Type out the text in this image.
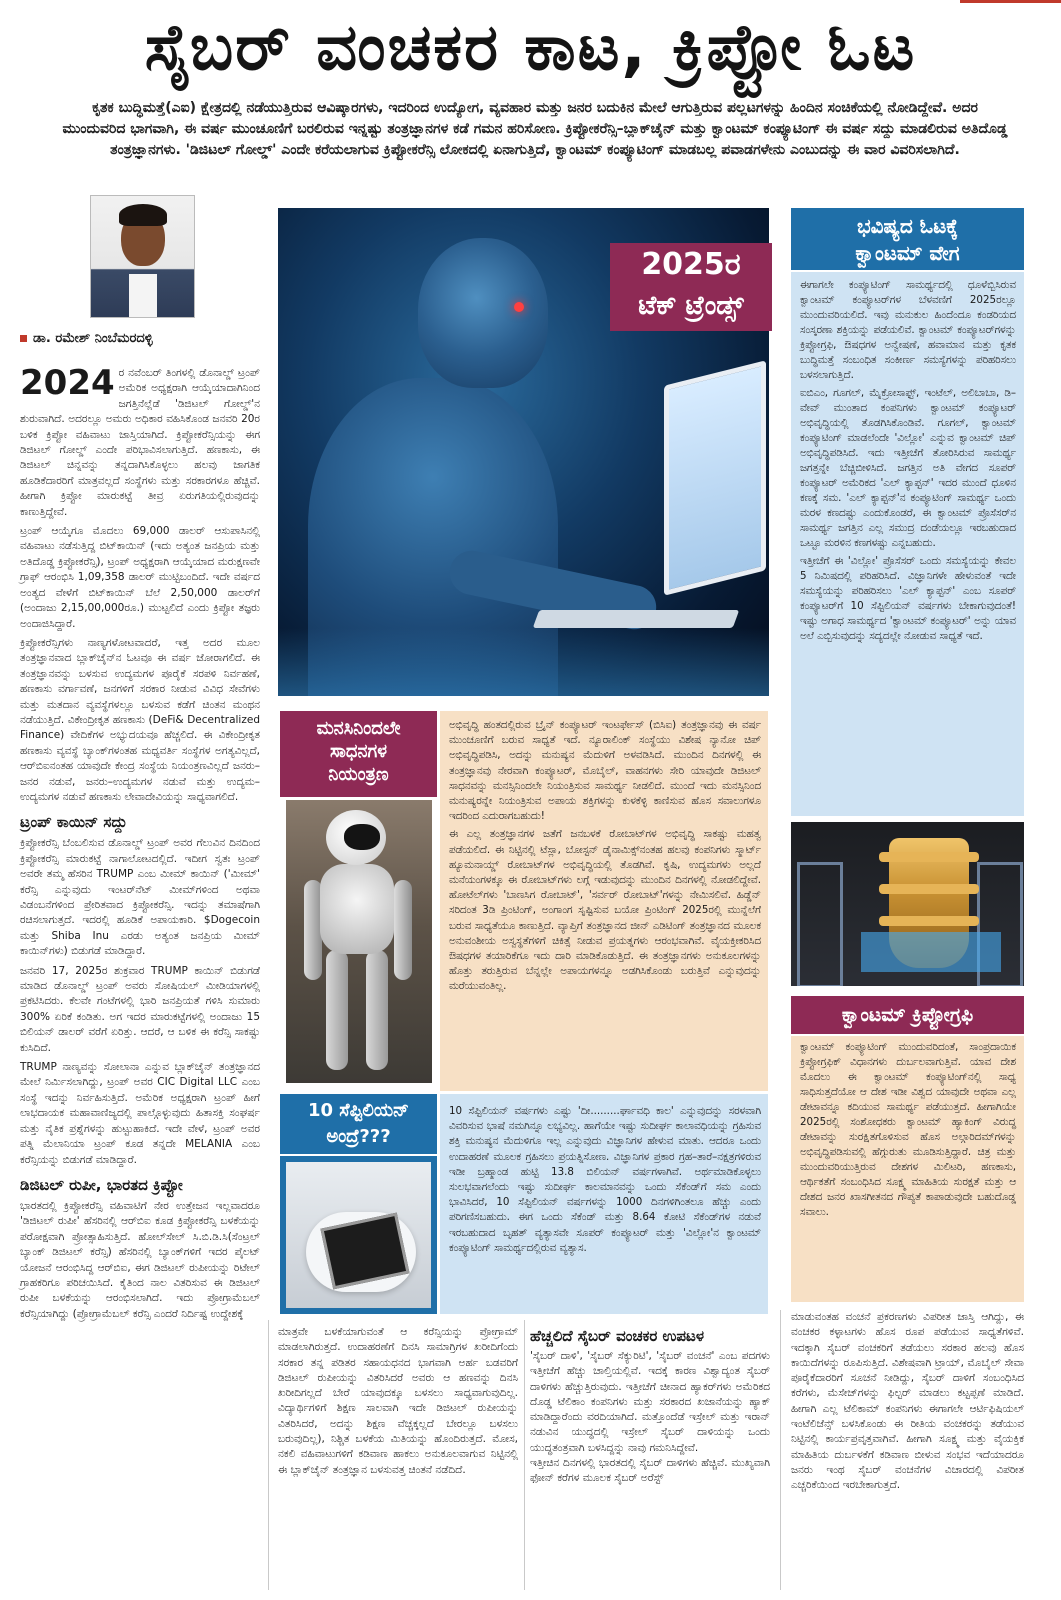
ಸೈಬರ್ ವಂಚಕರ ಕಾಟ, ಕ್ರಿಪ್ಟೋ ಓಟ
ಕೃತಕ ಬುದ್ಧಿಮತ್ತೆ(ಎಐ) ಕ್ಷೇತ್ರದಲ್ಲಿ ನಡೆಯುತ್ತಿರುವ ಆವಿಷ್ಕಾರಗಳು, ಇದರಿಂದ ಉದ್ಯೋಗ, ವ್ಯವಹಾರ ಮತ್ತು ಜನರ ಬದುಕಿನ ಮೇಲೆ ಆಗುತ್ತಿರುವ ಪಲ್ಲಟಗಳನ್ನು ಹಿಂದಿನ ಸಂಚಿಕೆಯಲ್ಲಿ ನೋಡಿದ್ದೇವೆ. ಅದರ ಮುಂದುವರಿದ ಭಾಗವಾಗಿ, ಈ ವರ್ಷ ಮುಂಚೂಣಿಗೆ ಬರಲಿರುವ ಇನ್ನಷ್ಟು ತಂತ್ರಜ್ಞಾನಗಳ ಕಡೆ ಗಮನ ಹರಿಸೋಣ. ಕ್ರಿಪ್ಟೋಕರೆನ್ಸಿ–ಬ್ಲಾಕ್‌ಚೈನ್ ಮತ್ತು ಕ್ವಾಂಟಮ್ ಕಂಪ್ಯೂಟಿಂಗ್ ಈ ವರ್ಷ ಸದ್ದು ಮಾಡಲಿರುವ ಅತಿದೊಡ್ಡ ತಂತ್ರಜ್ಞಾನಗಳು. 'ಡಿಜಿಟಲ್ ಗೋಲ್ಡ್' ಎಂದೇ ಕರೆಯಲಾಗುವ ಕ್ರಿಪ್ಟೋಕರೆನ್ಸಿ ಲೋಕದಲ್ಲಿ ಏನಾಗುತ್ತಿದೆ, ಕ್ವಾಂಟಮ್ ಕಂಪ್ಯೂಟಿಂಗ್ ಮಾಡಬಲ್ಲ ಪವಾಡಗಳೇನು ಎಂಬುದನ್ನು ಈ ವಾರ ವಿವರಿಸಲಾಗಿದೆ.
ಡಾ. ರಮೇಶ್ ನಿಂಬೆಮರದಳ್ಳಿ

2024 ರ ನವೆಂಬರ್ ತಿಂಗಳಲ್ಲಿ ಡೊನಾಲ್ಡ್ ಟ್ರಂಪ್ ಅಮೆರಿಕ ಅಧ್ಯಕ್ಷರಾಗಿ ಆಯ್ಕೆಯಾದಾಗಿನಿಂದ ಜಗತ್ತಿನೆಲ್ಲೆಡೆ 'ಡಿಜಿಟಲ್ ಗೋಲ್ಡ್'ನ ಶುರುವಾಗಿದೆ. ಅದರಲ್ಲೂ ಅಮರು ಅಧಿಕಾರ ವಹಿಸಿಕೊಂಡ ಜನವರಿ 20ರ ಬಳಿಕ ಕ್ರಿಪ್ಟೋ ವಹಿವಾಟು ಜಾಸ್ತಿಯಾಗಿದೆ. ಕ್ರಿಪ್ಟೋಕರೆನ್ಸಿಯನ್ನು ಈಗ ಡಿಜಿಟಲ್ ಗೋಲ್ಡ್ ಎಂದೇ ಪರಿಭಾವಿಸಲಾಗುತ್ತಿದೆ. ಹಣಕಾಸು, ಈ ಡಿಜಿಟಲ್ ಚಿನ್ನವನ್ನು ತನ್ನದಾಗಿಸಿಕೊಳ್ಳಲು ಹಲವು ಜಾಗತಿಕ ಹೂಡಿಕೆದಾರರಿಗೆ ಮಾತ್ರವಲ್ಲದೆ ಸಂಸ್ಥೆಗಳು ಮತ್ತು ಸರಕಾರಗಳೂ ಹೆಚ್ಚಿವೆ. ಹೀಗಾಗಿ ಕ್ರಿಪ್ಟೋ ಮಾರುಕಟ್ಟೆ ತೀವ್ರ ಏರುಗತಿಯಲ್ಲಿರುವುದನ್ನು ಕಾಣುತ್ತಿದ್ದೇವೆ.

ಟ್ರಂಪ್ ಆಯ್ಕೆಗೂ ಮೊದಲು 69,000 ಡಾಲರ್ ಆಸುಪಾಸಿನಲ್ಲಿ ವಹಿವಾಟು ನಡೆಸುತ್ತಿದ್ದ ಬಿಟ್‌ಕಾಯಿನ್ (ಇದು ಅತ್ಯಂತ ಜನಪ್ರಿಯ ಮತ್ತು ಅತಿದೊಡ್ಡ ಕ್ರಿಪ್ಟೋಕರೆನ್ಸಿ), ಟ್ರಂಪ್ ಅಧ್ಯಕ್ಷರಾಗಿ ಆಯ್ಕೆಯಾದ ಮರುಕ್ಷಣವೇ ಗ್ರಾಫ್ ಆರಂಭಿಸಿ 1,09,358 ಡಾಲರ್ ಮುಟ್ಟಿಬಂದಿದೆ. ಇದೇ ವರ್ಷದ ಅಂತ್ಯದ ವೇಳೆಗೆ ಬಿಟ್‌ಕಾಯಿನ್ ಬೆಲೆ 2,50,000 ಡಾಲರ್‌ಗೆ (ಅಂದಾಜು 2,15,00,000ರೂ.) ಮುಟ್ಟಲಿದೆ ಎಂದು ಕ್ರಿಪ್ಟೋ ತಜ್ಞರು ಅಂದಾಜಿಸಿದ್ದಾರೆ.

ಕ್ರಿಪ್ಟೋಕರೆನ್ಸಿಗಳು ನಾಣ್ಯಗಳೋಟವಾದರೆ, ಇತ್ತ ಅದರ ಮೂಲ ತಂತ್ರಜ್ಞಾನವಾದ ಬ್ಲಾಕ್‌ಚೈನ್‌ನ ಓಟವೂ ಈ ವರ್ಷ ಜೋರಾಗಲಿದೆ. ಈ ತಂತ್ರಜ್ಞಾನವನ್ನು ಬಳಸುವ ಉದ್ಯಮಗಳ ಪೂರೈಕೆ ಸರಪಳಿ ನಿರ್ವಹಣೆ, ಹಣಕಾಸು ವರ್ಗಾವಣೆ, ಜನಗಳಿಗೆ ಸರಕಾರ ನೀಡುವ ವಿವಿಧ ಸೇವೆಗಳು ಮತ್ತು ಮತದಾನ ವ್ಯವಸ್ಥೆಗಳಲ್ಲೂ ಬಳಸುವ ಕಡೆಗೆ ಚಿಂತನ ಮಂಥನ ನಡೆಯುತ್ತಿದೆ. ವಿಕೇಂದ್ರೀಕೃತ ಹಣಕಾಸು (DeFi& Decentralized Finance) ವೇದಿಕೆಗಳ ಅಭ್ಯುದಯವೂ ಹೆಚ್ಚಲಿದೆ. ಈ ವಿಕೇಂದ್ರೀಕೃತ ಹಣಕಾಸು ವ್ಯವಸ್ಥೆ ಬ್ಯಾಂಕ್‌ಗಳಂತಹ ಮಧ್ಯವರ್ತಿ ಸಂಸ್ಥೆಗಳ ಅಗತ್ಯವಿಲ್ಲದೆ, ಆರ್‌ಬಿಐನಂತಹ ಯಾವುದೇ ಕೇಂದ್ರ ಸಂಸ್ಥೆಯ ನಿಯಂತ್ರಣವಿಲ್ಲದೆ ಜನರು–ಜನರ ನಡುವೆ, ಜನರು–ಉದ್ಯಮಗಳ ನಡುವೆ ಮತ್ತು ಉದ್ಯಮ–ಉದ್ಯಮಗಳ ನಡುವೆ ಹಣಕಾಸು ಲೇವಾದೇವಿಯನ್ನು ಸಾಧ್ಯವಾಗಲಿದೆ.

ಟ್ರಂಪ್ ಕಾಯಿನ್ ಸದ್ದು

ಕ್ರಿಪ್ಟೋಕರೆನ್ಸಿ ಬೆಂಬಲಿಸುವ ಡೊನಾಲ್ಡ್ ಟ್ರಂಪ್ ಅವರ ಗೆಲುವಿನ ದಿನದಿಂದ ಕ್ರಿಪ್ಟೋಕರೆನ್ಸಿ ಮಾರುಕಟ್ಟೆ ನಾಗಾಲೋಟದಲ್ಲಿದೆ. ಇದೀಗ ಸ್ವತಃ ಟ್ರಂಪ್ ಅವರೇ ತಮ್ಮ ಹೆಸರಿನ TRUMP ಎಂಬ ಮೀಮ್ ಕಾಯಿನ್ ('ಮೀಮ್' ಕರೆನ್ಸಿ ಎನ್ನುವುದು ಇಂಟರ್‌ನೆಟ್ ಮೀಮ್‌ಗಳಿಂದ ಅಥವಾ ವಿಡಂಬನೆಗಳಿಂದ ಪ್ರೇರಿತವಾದ ಕ್ರಿಪ್ಟೋಕರೆನ್ಸಿ. ಇದನ್ನು ತಮಾಷೆಗಾಗಿ ರಚಿಸಲಾಗುತ್ತದೆ. ಇದರಲ್ಲಿ ಹೂಡಿಕೆ ಅಪಾಯಕಾರಿ. $Dogecoin ಮತ್ತು Shiba Inu ಎರಡು ಅತ್ಯಂತ ಜನಪ್ರಿಯ ಮೀಮ್ ಕಾಯಿನ್‌ಗಳು) ಬಿಡುಗಡೆ ಮಾಡಿದ್ದಾರೆ.

ಜನವರಿ 17, 2025ರ ಶುಕ್ರವಾರ TRUMP ಕಾಯಿನ್ ಬಿಡುಗಡೆ ಮಾಡಿದ ಡೊನಾಲ್ಡ್ ಟ್ರಂಪ್ ಅವರು ಸೋಷಿಯಲ್ ಮೀಡಿಯಾಗಳಲ್ಲಿ ಪ್ರಕಟಿಸಿದರು. ಕೆಲವೇ ಗಂಟೆಗಳಲ್ಲಿ ಭಾರಿ ಜನಪ್ರಿಯತೆ ಗಳಿಸಿ ಸುಮಾರು 300% ಏರಿಕೆ ಕಂಡಿತು. ಅಗ ಇದರ ಮಾರುಕಟ್ಟೆಗಳಲ್ಲಿ ಅಂದಾಜು 15 ಬಿಲಿಯನ್ ಡಾಲರ್ ವರೆಗೆ ಏರಿತ್ತು. ಆದರೆ, ಆ ಬಳಿಕ ಈ ಕರೆನ್ಸಿ ಸಾಕಷ್ಟು ಕುಸಿದಿದೆ.

TRUMP ನಾಣ್ಯವನ್ನು ಸೋಲಾನಾ ಎನ್ನುವ ಬ್ಲಾಕ್‌ಚೈನ್ ತಂತ್ರಜ್ಞಾನದ ಮೇಲೆ ನಿರ್ಮಿಸಲಾಗಿದ್ದು, ಟ್ರಂಪ್ ಅವರ CIC Digital LLC ಎಂಬ ಸಂಸ್ಥೆ ಇದನ್ನು ನಿರ್ವಹಿಸುತ್ತಿದೆ. ಅಮೆರಿಕ ಅಧ್ಯಕ್ಷರಾಗಿ ಟ್ರಂಪ್ ಹೀಗೆ ಲಾಭದಾಯಕ ಮಹಾವಾಣಿಜ್ಯದಲ್ಲಿ ಪಾಲ್ಗೊಳ್ಳುವುದು ಹಿತಾಸಕ್ತಿ ಸಂಘರ್ಷ ಮತ್ತು ನೈತಿಕ ಪ್ರಶ್ನೆಗಳನ್ನು ಹುಟ್ಟುಹಾಕಿದೆ. ಇದೇ ವೇಳೆ, ಟ್ರಂಪ್ ಅವರ ಪತ್ನಿ ಮೆಲಾನಿಯಾ ಟ್ರಂಪ್ ಕೂಡ ತನ್ನದೇ MELANIA ಎಂಬ ಕರೆನ್ಸಿಯನ್ನು ಬಿಡುಗಡೆ ಮಾಡಿದ್ದಾರೆ.

ಡಿಜಿಟಲ್ ರುಪೀ, ಭಾರತದ ಕ್ರಿಪ್ಟೋ

ಭಾರತದಲ್ಲಿ ಕ್ರಿಪ್ಟೋಕರೆನ್ಸಿ ವಹಿವಾಟಿಗೆ ನೇರ ಉತ್ತೇಜನ ಇಲ್ಲವಾದರೂ 'ಡಿಜಿಟಲ್ ರುಪೀ' ಹೆಸರಿನಲ್ಲಿ ಆರ್‌ಬಿಐ ಕೂಡ ಕ್ರಿಪ್ಟೋಕರೆನ್ಸಿ ಬಳಕೆಯನ್ನು ಪರೋಕ್ಷವಾಗಿ ಪ್ರೋತ್ಸಾಹಿಸುತ್ತಿದೆ. ಹೋಲ್‌ಸೇಲ್ ಸಿ.ಬಿ.ಡಿ.ಸಿ(ಸೆಂಟ್ರಲ್ ಬ್ಯಾಂಕ್ ಡಿಜಿಟಲ್ ಕರೆನ್ಸಿ) ಹೆಸರಿನಲ್ಲಿ ಬ್ಯಾಂಕ್‌ಗಳಿಗೆ ಇದರ ಪೈಲಟ್ ಯೋಜನೆ ಆರಂಭಿಸಿದ್ದ ಆರ್‌ಬಿಐ, ಈಗ ಡಿಜಿಟಲ್ ರುಪೀಯನ್ನು ರಿಟೇಲ್ ಗ್ರಾಹಕರಿಗೂ ಪರಿಚಯಿಸಿದೆ. ಕೈತಿಂದ ನಾಲ ವಿತರಿಸುವ ಈ ಡಿಜಿಟಲ್ ರುಪೀ ಬಳಕೆಯನ್ನು ಆರಂಭಿಸಲಾಗಿದೆ. ಇದು ಪ್ರೋಗ್ರಾಮೆಬಲ್ ಕರೆನ್ಸಿಯಾಗಿದ್ದು (ಪ್ರೋಗ್ರಾಮೆಬಲ್ ಕರೆನ್ಸಿ ಎಂದರೆ ನಿರ್ದಿಷ್ಟ ಉದ್ದೇಶಕ್ಕೆ

2025ರ
ಟೆಕ್ ಟ್ರೆಂಡ್ಸ್
ಭವಿಷ್ಯದ ಓಟಕ್ಕೆ
ಕ್ವಾಂಟಮ್ ವೇಗ

ಈಗಾಗಲೇ ಕಂಪ್ಯೂಟಿಂಗ್ ಸಾಮರ್ಥ್ಯದಲ್ಲಿ ಧೂಳೆಬ್ಬಿಸಿರುವ ಕ್ವಾಂಟಮ್ ಕಂಪ್ಯೂಟರ್‌ಗಳ ಬೆಳವಣಿಗೆ 2025ರಲ್ಲೂ ಮುಂದುವರಿಯಲಿದೆ. ಇವು ಮನುಕುಲ ಹಿಂದೆಂದೂ ಕಂಡರಿಯದ ಸಂಸ್ಕರಣಾ ಶಕ್ತಿಯನ್ನು ಪಡೆಯಲಿವೆ. ಕ್ವಾಂಟಮ್ ಕಂಪ್ಯೂಟರ್‌ಗಳನ್ನು ಕ್ರಿಪ್ಟೋಗ್ರಫಿ, ಔಷಧಗಳ ಅನ್ವೇಷಣೆ, ಹವಾಮಾನ ಮತ್ತು ಕೃತಕ ಬುದ್ಧಿಮತ್ತೆ ಸಂಬಂಧಿತ ಸಂಕೀರ್ಣ ಸಮಸ್ಯೆಗಳನ್ನು ಪರಿಹರಿಸಲು ಬಳಸಲಾಗುತ್ತಿದೆ.

ಐಬಿಎಂ, ಗೂಗಲ್, ಮೈಕ್ರೋಸಾಫ್ಟ್, ಇಂಟೆಲ್, ಅಲಿಬಾಬಾ, ಡಿ–ವೇವ್ ಮುಂತಾದ ಕಂಪನಿಗಳು ಕ್ವಾಂಟಮ್ ಕಂಪ್ಯೂಟರ್ ಅಭಿವೃದ್ಧಿಯಲ್ಲಿ ತೊಡಗಿಸಿಕೊಂಡಿವೆ. ಗೂಗಲ್, ಕ್ವಾಂಟಮ್ ಕಂಪ್ಯೂಟಿಂಗ್ ಮಾಡಲೆಂದೇ 'ವಿಲ್ಲೋ' ಎನ್ನುವ ಕ್ವಾಂಟಮ್ ಚಿಪ್ ಅಭಿವೃದ್ಧಿಪಡಿಸಿದೆ. ಇದು ಇತ್ತೀಚೆಗೆ ತೋರಿಸಿರುವ ಸಾಮರ್ಥ್ಯ ಜಗತ್ತನ್ನೇ ಬೆಚ್ಚಿಬೀಳಿಸಿದೆ. ಜಗತ್ತಿನ ಅತಿ ವೇಗದ ಸೂಪರ್ ಕಂಪ್ಯೂಟರ್ ಅಮೆರಿಕದ 'ಎಲ್ ಕ್ಯಾಪ್ಟನ್' ಇದರ ಮುಂದೆ ಧೂಳಿನ ಕಣಕ್ಕೆ ಸಮ. 'ಎಲ್ ಕ್ಯಾಪ್ಟನ್'ನ ಕಂಪ್ಯೂಟಿಂಗ್ ಸಾಮರ್ಥ್ಯ ಒಂದು ಮರಳ ಕಣದಷ್ಟು ಎಂದುಕೊಂಡರೆ, ಈ ಕ್ವಾಂಟಮ್ ಪ್ರೊಸೆಸರ್‌ನ ಸಾಮರ್ಥ್ಯ ಜಗತ್ತಿನ ಎಲ್ಲ ಸಮುದ್ರ ದಂಡೆಯಲ್ಲೂ ಇರಬಹುದಾದ ಒಟ್ಟೂ ಮರಳಿನ ಕಣಗಳಷ್ಟು ಎನ್ನಬಹುದು.

ಇತ್ತೀಚೆಗೆ ಈ 'ವಿಲ್ಲೋ' ಪ್ರೊಸೆಸರ್ ಒಂದು ಸಮಸ್ಯೆಯನ್ನು ಕೇವಲ 5 ನಿಮಿಷದಲ್ಲಿ ಪರಿಹರಿಸಿದೆ. ವಿಜ್ಞಾನಿಗಳೇ ಹೇಳುವಂತೆ ಇದೇ ಸಮಸ್ಯೆಯನ್ನು ಪರಿಹರಿಸಲು 'ಎಲ್ ಕ್ಯಾಪ್ಟನ್' ಎಂಬ ಸೂಪರ್ ಕಂಪ್ಯೂಟರ್‌ಗೆ 10 ಸೆಪ್ಟಿಲಿಯನ್ ವರ್ಷಗಳು ಬೇಕಾಗುವುದಂತೆ! ಇಷ್ಟು ಅಗಾಧ ಸಾಮರ್ಥ್ಯದ 'ಕ್ವಾಂಟಮ್ ಕಂಪ್ಯೂಟರ್' ಅನ್ನು ಯಾವ ಅಲೆ ಎಬ್ಬಿಸುವುದನ್ನು ಸದ್ಯದಲ್ಲೇ ನೋಡುವ ಸಾಧ್ಯತೆ ಇದೆ.

ಕ್ವಾಂಟಮ್ ಕ್ರಿಪ್ಟೋಗ್ರಫಿ
ಕ್ವಾಂಟಮ್ ಕಂಪ್ಯೂಟಿಂಗ್ ಮುಂದುವರಿದಂತೆ, ಸಾಂಪ್ರದಾಯಿಕ ಕ್ರಿಪ್ಟೋಗ್ರಫಿಕ್ ವಿಧಾನಗಳು ದುರ್ಬಲವಾಗುತ್ತಿವೆ. ಯಾವ ದೇಶ ಮೊದಲು ಈ ಕ್ವಾಂಟಮ್ ಕಂಪ್ಯೂಟಿಂಗ್‌ನಲ್ಲಿ ಸಾಧ್ಯ ಸಾಧಿಸುತ್ತದೆಯೋ ಆ ದೇಶ ಇಡೀ ವಿಶ್ವದ ಯಾವುದೇ ಅಥವಾ ಎಲ್ಲ ಡೇಟಾವನ್ನೂ ಕದಿಯುವ ಸಾಮರ್ಥ್ಯ ಪಡೆಯುತ್ತದೆ. ಹೀಗಾಗಿಯೇ 2025ರಲ್ಲಿ ಸಂಶೋಧಕರು ಕ್ವಾಂಟಮ್ ಹ್ಯಾಕಿಂಗ್ ವಿರುದ್ಧ ಡೇಟಾವನ್ನು ಸುರಕ್ಷಿತಗೊಳಿಸುವ ಹೊಸ ಅಲ್ಗಾರಿದಮ್‌ಗಳನ್ನು ಅಭಿವೃದ್ಧಿಪಡಿಸುವಲ್ಲಿ ಹೆಗ್ಗುರುತು ಮೂಡಿಸುತ್ತಿದ್ದಾರೆ. ಚಿತ್ರ ಮತ್ತು ಮುಂದುವರಿಯುತ್ತಿರುವ ದೇಶಗಳ ಮಿಲಿಟರಿ, ಹಣಕಾಸು, ಆರ್ಥಿಕತೆಗೆ ಸಂಬಂಧಿಸಿದ ಸೂಕ್ಷ್ಮ ಮಾಹಿತಿಯ ಸುರಕ್ಷತೆ ಮತ್ತು ಆ ದೇಶದ ಜನರ ಖಾಸಗೀತನದ ಗೌಪ್ಯತೆ ಕಾಪಾಡುವುದೇ ಬಹುದೊಡ್ಡ ಸವಾಲು.
ಮನಸಿನಿಂದಲೇ
ಸಾಧನಗಳ
ನಿಯಂತ್ರಣ

ಅಭಿವೃದ್ಧಿ ಹಂತದಲ್ಲಿರುವ ಬ್ರೈನ್ ಕಂಪ್ಯೂಟರ್ ಇಂಟರ್ಫೇಸ್ (ಬಿಸಿಐ) ತಂತ್ರಜ್ಞಾನವು ಈ ವರ್ಷ ಮುಂಚೂಣಿಗೆ ಬರುವ ಸಾಧ್ಯತೆ ಇದೆ. ನ್ಯೂರಾಲಿಂಕ್ ಸಂಸ್ಥೆಯು ವಿಶೇಷ ನ್ಯಾನೋ ಚಿಪ್ ಅಭಿವೃದ್ಧಿಪಡಿಸಿ, ಅದನ್ನು ಮನುಷ್ಯನ ಮೆದುಳಿಗೆ ಅಳವಡಿಸಿದೆ. ಮುಂದಿನ ದಿನಗಳಲ್ಲಿ ಈ ತಂತ್ರಜ್ಞಾನವು ನೇರವಾಗಿ ಕಂಪ್ಯೂಟರ್, ಮೊಬೈಲ್, ವಾಹನಗಳು ಸೇರಿ ಯಾವುದೇ ಡಿಜಿಟಲ್ ಸಾಧನವನ್ನು ಮನಸ್ಸಿನಿಂದಲೇ ನಿಯಂತ್ರಿಸುವ ಸಾಮರ್ಥ್ಯ ನೀಡಲಿದೆ. ಮುಂದೆ ಇದು ಮನಸ್ಸಿನಿಂದ ಮನುಷ್ಯರನ್ನೇ ನಿಯಂತ್ರಿಸುವ ಅಪಾಯ ಶಕ್ತಿಗಳನ್ನು ಕುಳಕೆಳ್ಳಿ ಕಾಣಿಸುವ ಹೊಸ ಸವಾಲುಗಳೂ ಇದರಿಂದ ಎದುರಾಗಬಹುದು!

ಈ ಎಲ್ಲ ತಂತ್ರಜ್ಞಾನಗಳ ಜತೆಗೆ ಜನಬಳಕೆ ರೋಬಾಟ್‌ಗಳ ಅಭಿವೃದ್ಧಿ ಸಾಕಷ್ಟು ಮಹತ್ವ ಪಡೆಯಲಿದೆ. ಈ ನಿಟ್ಟಿನಲ್ಲಿ ಟೆಸ್ಲಾ, ಬೋಸ್ಟನ್ ಡೈನಾಮಿಕ್ಸ್‌ನಂತಹ ಹಲವು ಕಂಪನಿಗಳು ಸ್ಮಾರ್ಟ್ ಹ್ಯೂಮನಾಯ್ಡ್ ರೋಬಾಟ್‌ಗಳ ಅಭಿವೃದ್ಧಿಯಲ್ಲಿ ತೊಡಗಿವೆ. ಕೃಷಿ, ಉದ್ಯಮಗಳು ಅಲ್ಲದೆ ಮನೆಯಂಗಳಕ್ಕೂ ಈ ರೋಬಾಟ್‌ಗಳು ಲಗ್ಗೆ ಇಡುವುದನ್ನು ಮುಂದಿನ ದಿನಗಳಲ್ಲಿ ನೋಡಲಿದ್ದೇವೆ. ಹೋಟೆಲ್‌ಗಳು 'ಬಾಣಸಿಗ ರೋಬಾಟ್', 'ಸರ್ವರ್ ರೋಬಾಟ್'ಗಳನ್ನು ನೇಮಿಸಲಿವೆ. ಹಿಡ್ಡೆನ್ ಸರಿದಂತ 3ಡಿ ಪ್ರಿಂಟಿಂಗ್, ಅಂಗಾಂಗ ಸೃಷ್ಟಿಸುವ ಬಯೋ ಪ್ರಿಂಟಿಂಗ್ 2025ರಲ್ಲಿ ಮುನ್ನೆಲೆಗೆ ಬರುವ ಸಾಧ್ಯತೆಯೂ ಕಾಣುತ್ತಿದೆ. ವ್ಯಾಪ್ತಿಗೆ ತಂತ್ರಜ್ಞಾನದ ಜೀನ್ ಎಡಿಟಿಂಗ್ ತಂತ್ರಜ್ಞಾನದ ಮೂಲಕ ಅನುವಂಶೀಯ ಅಸ್ವಸ್ಥತೆಗಳಿಗೆ ಚಿಕಿತ್ಸೆ ನೀಡುವ ಪ್ರಯತ್ನಗಳು ಆರಂಭವಾಗಿವೆ. ವೈಯಕ್ತೀಕರಿಸಿದ ಔಷಧಗಳ ತಯಾರಿಕೆಗೂ ಇದು ದಾರಿ ಮಾಡಿಕೊಡುತ್ತಿದೆ. ಈ ತಂತ್ರಜ್ಞಾನಗಳು ಅನುಕೂಲಗಳನ್ನು ಹೊತ್ತು ತರುತ್ತಿರುವ ಬೆನ್ನಲ್ಲೇ ಅಪಾಯಗಳನ್ನೂ ಅಡಗಿಸಿಕೊಂಡು ಬರುತ್ತಿವೆ ಎನ್ನುವುದನ್ನು ಮರೆಯುವಂತಿಲ್ಲ.

10 ಸೆಪ್ಟಿಲಿಯನ್
ಅಂದ್ರೆ???
10 ಸೆಪ್ಟಿಲಿಯನ್ ವರ್ಷಗಳು ಎಷ್ಟು 'ದೀ.........ರ್ಘಾವಧಿ ಕಾಲ' ಎನ್ನುವುದನ್ನು ಸರಳವಾಗಿ ವಿವರಿಸುವ ಭಾಷೆ ನಮಗಿನ್ನೂ ಲಭ್ಯವಿಲ್ಲ. ಹಾಗೆಯೇ ಇಷ್ಟು ಸುದೀರ್ಘ ಕಾಲಾವಧಿಯನ್ನು ಗ್ರಹಿಸುವ ಶಕ್ತಿ ಮನುಷ್ಯನ ಮೆದುಳಿಗೂ ಇಲ್ಲ ಎನ್ನುವುದು ವಿಜ್ಞಾನಿಗಳ ಹೇಳುವ ಮಾತು. ಆದರೂ ಒಂದು ಉದಾಹರಣೆ ಮೂಲಕ ಗ್ರಹಿಸಲು ಪ್ರಯತ್ನಿಸೋಣ. ವಿಜ್ಞಾನಿಗಳ ಪ್ರಕಾರ ಗ್ರಹ–ತಾರೆ–ನಕ್ಷತ್ರಗಳಿರುವ ಇಡೀ ಬ್ರಹ್ಮಾಂಡ ಹುಟ್ಟಿ 13.8 ಬಿಲಿಯನ್ ವರ್ಷಗಳಾಗಿವೆ. ಅರ್ಥಮಾಡಿಕೊಳ್ಳಲು ಸುಲಭವಾಗಲೆಂದು ಇಷ್ಟು ಸುದೀರ್ಘ ಕಾಲಮಾನವನ್ನು ಒಂದು ಸೆಕೆಂಡ್‌ಗೆ ಸಮ ಎಂದು ಭಾವಿಸಿದರೆ, 10 ಸೆಪ್ಟಿಲಿಯನ್ ವರ್ಷಗಳನ್ನು 1000 ದಿನಗಳಿಗಿಂತಲೂ ಹೆಚ್ಚು ಎಂದು ಪರಿಗಣಿಸಬಹುದು. ಈಗ ಒಂದು ಸೆಕೆಂಡ್ ಮತ್ತು 8.64 ಕೋಟಿ ಸೆಕೆಂಡ್‌ಗಳ ನಡುವೆ ಇರಬಹುದಾದ ಬೃಹತ್ ವ್ಯತ್ಯಾಸವೇ ಸೂಪರ್ ಕಂಪ್ಯೂಟರ್ ಮತ್ತು 'ವಿಲ್ಲೋ'ನ ಕ್ವಾಂಟಮ್ ಕಂಪ್ಯೂಟಿಂಗ್ ಸಾಮರ್ಥ್ಯದಲ್ಲಿರುವ ವ್ಯತ್ಯಾಸ.
ಮಾತ್ರವೇ ಬಳಕೆಯಾಗುವಂತೆ ಆ ಕರೆನ್ಸಿಯನ್ನು ಪ್ರೋಗ್ರಾಮ್ ಮಾಡಲಾಗಿರುತ್ತದೆ. ಉದಾಹರಣೆಗೆ ದಿನಸಿ ಸಾಮಾಗ್ರಿಗಳ ಖರೀದಿಗೆಂದು ಸರಕಾರ ತನ್ನ ಪಡಿತರ ಸಹಾಯಧನದ ಭಾಗವಾಗಿ ಅರ್ಹ ಬಡವರಿಗೆ ಡಿಜಿಟಲ್ ರುಪೀಯನ್ನು ವಿತರಿಸಿದರೆ ಅವರು ಆ ಹಣವನ್ನು ದಿನಸಿ ಖರೀದಿಗಲ್ಲದೆ ಬೇರೆ ಯಾವುದಕ್ಕೂ ಬಳಸಲು ಸಾಧ್ಯವಾಗುವುದಿಲ್ಲ. ವಿದ್ಯಾರ್ಥಿಗಳಿಗೆ ಶಿಕ್ಷಣ ಸಾಲವಾಗಿ ಇದೇ ಡಿಜಿಟಲ್ ರುಪೀಯನ್ನು ವಿತರಿಸಿದರೆ, ಅದನ್ನು ಶಿಕ್ಷಣ ವೆಚ್ಚಕ್ಕಲ್ಲದೆ ಬೇರಲ್ಲೂ ಬಳಸಲು ಬರುವುದಿಲ್ಲ), ನಿಶ್ಚಿತ ಬಳಕೆಯ ಮಿತಿಯನ್ನು ಹೊಂದಿರುತ್ತದೆ. ಮೋಸ, ನಕಲಿ ವಹಿವಾಟುಗಳಿಗೆ ಕಡಿವಾಣ ಹಾಕಲು ಅನುಕೂಲವಾಗುವ ನಿಟ್ಟಿನಲ್ಲಿ ಈ ಬ್ಲಾಕ್‌ಚೈನ್ ತಂತ್ರಜ್ಞಾನ ಬಳಸುವತ್ತ ಚಿಂತನೆ ನಡೆದಿದೆ.
ಹೆಚ್ಚಲಿದೆ ಸೈಬರ್ ವಂಚಕರ ಉಪಟಳ
'ಸೈಬರ್ ದಾಳಿ', 'ಸೈಬರ್ ಸೆಕ್ಯುರಿಟಿ', 'ಸೈಬರ್ ವಂಚನೆ' ಎಂಬ ಪದಗಳು ಇತ್ತೀಚೆಗೆ ಹೆಚ್ಚು ಚಾಲ್ತಿಯಲ್ಲಿವೆ. ಇದಕ್ಕೆ ಕಾರಣ ವಿಶ್ವಾದ್ಯಂತ ಸೈಬರ್ ದಾಳಿಗಳು ಹೆಚ್ಚುತ್ತಿರುವುದು. ಇತ್ತೀಚೆಗೆ ಚೀನಾದ ಹ್ಯಾಕರ್‌ಗಳು ಅಮೆರಿಕದ ದೊಡ್ಡ ಟೆಲಿಕಾಂ ಕಂಪನಿಗಳು ಮತ್ತು ಸರಕಾರದ ಖಜಾನೆಯನ್ನು ಹ್ಯಾಕ್ ಮಾಡಿದ್ದಾರೆಂದು ವರದಿಯಾಗಿದೆ. ಮತ್ತೊಂದೆಡೆ ಇಸ್ರೇಲ್ ಮತ್ತು ಇರಾನ್ ನಡುವಿನ ಯುದ್ಧದಲ್ಲಿ ಇಸ್ರೇಲ್ ಸೈಬರ್ ದಾಳಿಯನ್ನು ಒಂದು ಯುದ್ಧತಂತ್ರವಾಗಿ ಬಳಸಿದ್ದನ್ನು ನಾವು ಗಮನಿಸಿದ್ದೇವೆ.
ಇತ್ತೀಚಿನ ದಿನಗಳಲ್ಲಿ ಭಾರತದಲ್ಲಿ ಸೈಬರ್ ದಾಳಿಗಳು ಹೆಚ್ಚಿವೆ. ಮುಖ್ಯವಾಗಿ ಫೋನ್ ಕರೆಗಳ ಮೂಲಕ ಸೈಬರ್ ಅರೆಸ್ಟ್
ಮಾಡುವಂತಹ ವಂಚನೆ ಪ್ರಕರಣಗಳು ವಿಪರೀತ ಜಾಸ್ತಿ ಆಗಿದ್ದು, ಈ ವಂಚಕರ ಕಳ್ಳಾಟಗಳು ಹೊಸ ರೂಪ ಪಡೆಯುವ ಸಾಧ್ಯತೆಗಳಿವೆ. ಇದಕ್ಕಾಗಿ ಸೈಬರ್ ವಂಚಕರಿಗೆ ತಡೆಯಲು ಸರಕಾರ ಹಲವು ಹೊಸ ಕಾಯಿದೆಗಳನ್ನು ರೂಪಿಸುತ್ತಿದೆ. ವಿಶೇಷವಾಗಿ ಟ್ರಾಯ್, ಮೊಬೈಲ್ ಸೇವಾ ಪೂರೈಕೆದಾರರಿಗೆ ಸೂಚನೆ ನೀಡಿದ್ದು, ಸೈಬರ್ ದಾಳಿಗೆ ಸಂಬಂಧಿಸಿದ ಕರೆಗಳು, ಮೆಸೇಜ್‌ಗಳನ್ನು ಫಿಲ್ಟರ್ ಮಾಡಲು ಕಟ್ಟಪ್ಪಣೆ ಮಾಡಿದೆ. ಹೀಗಾಗಿ ಎಲ್ಲ ಟೆಲಿಕಾಮ್ ಕಂಪನಿಗಳು ಈಗಾಗಲೇ ಆರ್ಟಿಫಿಷಿಯಲ್ ಇಂಟೆಲಿಜೆನ್ಸ್ ಬಳಸಿಕೊಂಡು ಈ ರೀತಿಯ ವಂಚಕರನ್ನು ತಡೆಯುವ ನಿಟ್ಟಿನಲ್ಲಿ ಕಾರ್ಯಪ್ರವೃತ್ತವಾಗಿವೆ. ಹೀಗಾಗಿ ಸೂಕ್ಷ್ಮ ಮತ್ತು ವೈಯಕ್ತಿಕ ಮಾಹಿತಿಯ ದುರ್ಬಳಕೆಗೆ ಕಡಿವಾಣ ಬೀಳುವ ಸಂಭವ ಇದೆಯಾದರೂ ಜನರು ಇಂಥ ಸೈಬರ್ ವಂಚನೆಗಳ ವಿಚಾರದಲ್ಲಿ ವಿಪರೀತ ಎಚ್ಚರಿಕೆಯಿಂದ ಇರಬೇಕಾಗುತ್ತದೆ.
